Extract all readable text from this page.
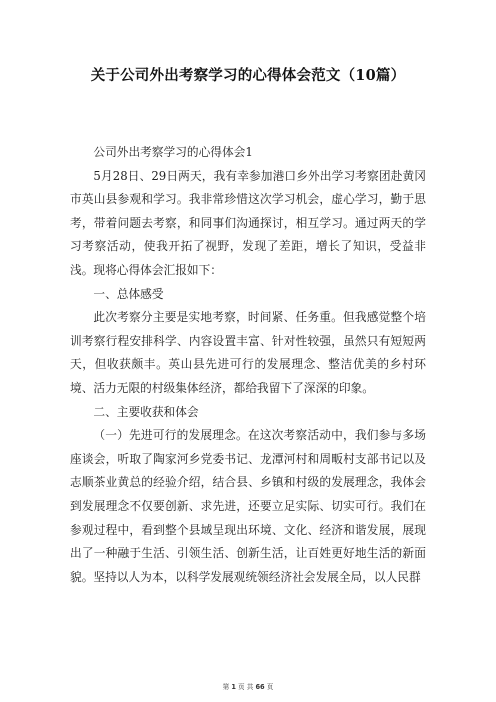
关于公司外出考察学习的心得体会范文（10篇）

公司外出考察学习的心得体会1

5月28日、29日两天，我有幸参加港口乡外出学习考察团赴黄冈市英山县参观和学习。我非常珍惜这次学习机会，虚心学习，勤于思考，带着问题去考察，和同事们沟通探讨，相互学习。通过两天的学习考察活动，使我开拓了视野，发现了差距，增长了知识，受益非浅。现将心得体会汇报如下：

一、总体感受

此次考察分主要是实地考察，时间紧、任务重。但我感觉整个培训考察行程安排科学、内容设置丰富、针对性较强，虽然只有短短两天，但收获颇丰。英山县先进可行的发展理念、整洁优美的乡村环境、活力无限的村级集体经济，都给我留下了深深的印象。

二、主要收获和体会

（一）先进可行的发展理念。在这次考察活动中，我们参与多场座谈会，听取了陶家河乡党委书记、龙潭河村和周畈村支部书记以及志顺茶业黄总的经验介绍，结合县、乡镇和村级的发展理念，我体会到发展理念不仅要创新、求先进，还要立足实际、切实可行。我们在参观过程中，看到整个县域呈现出环境、文化、经济和谐发展，展现出了一种融于生活、引领生活、创新生活，让百姓更好地生活的新面貌。坚持以人为本，以科学发展观统领经济社会发展全局，以人民群

第 1 页 共 66 页
